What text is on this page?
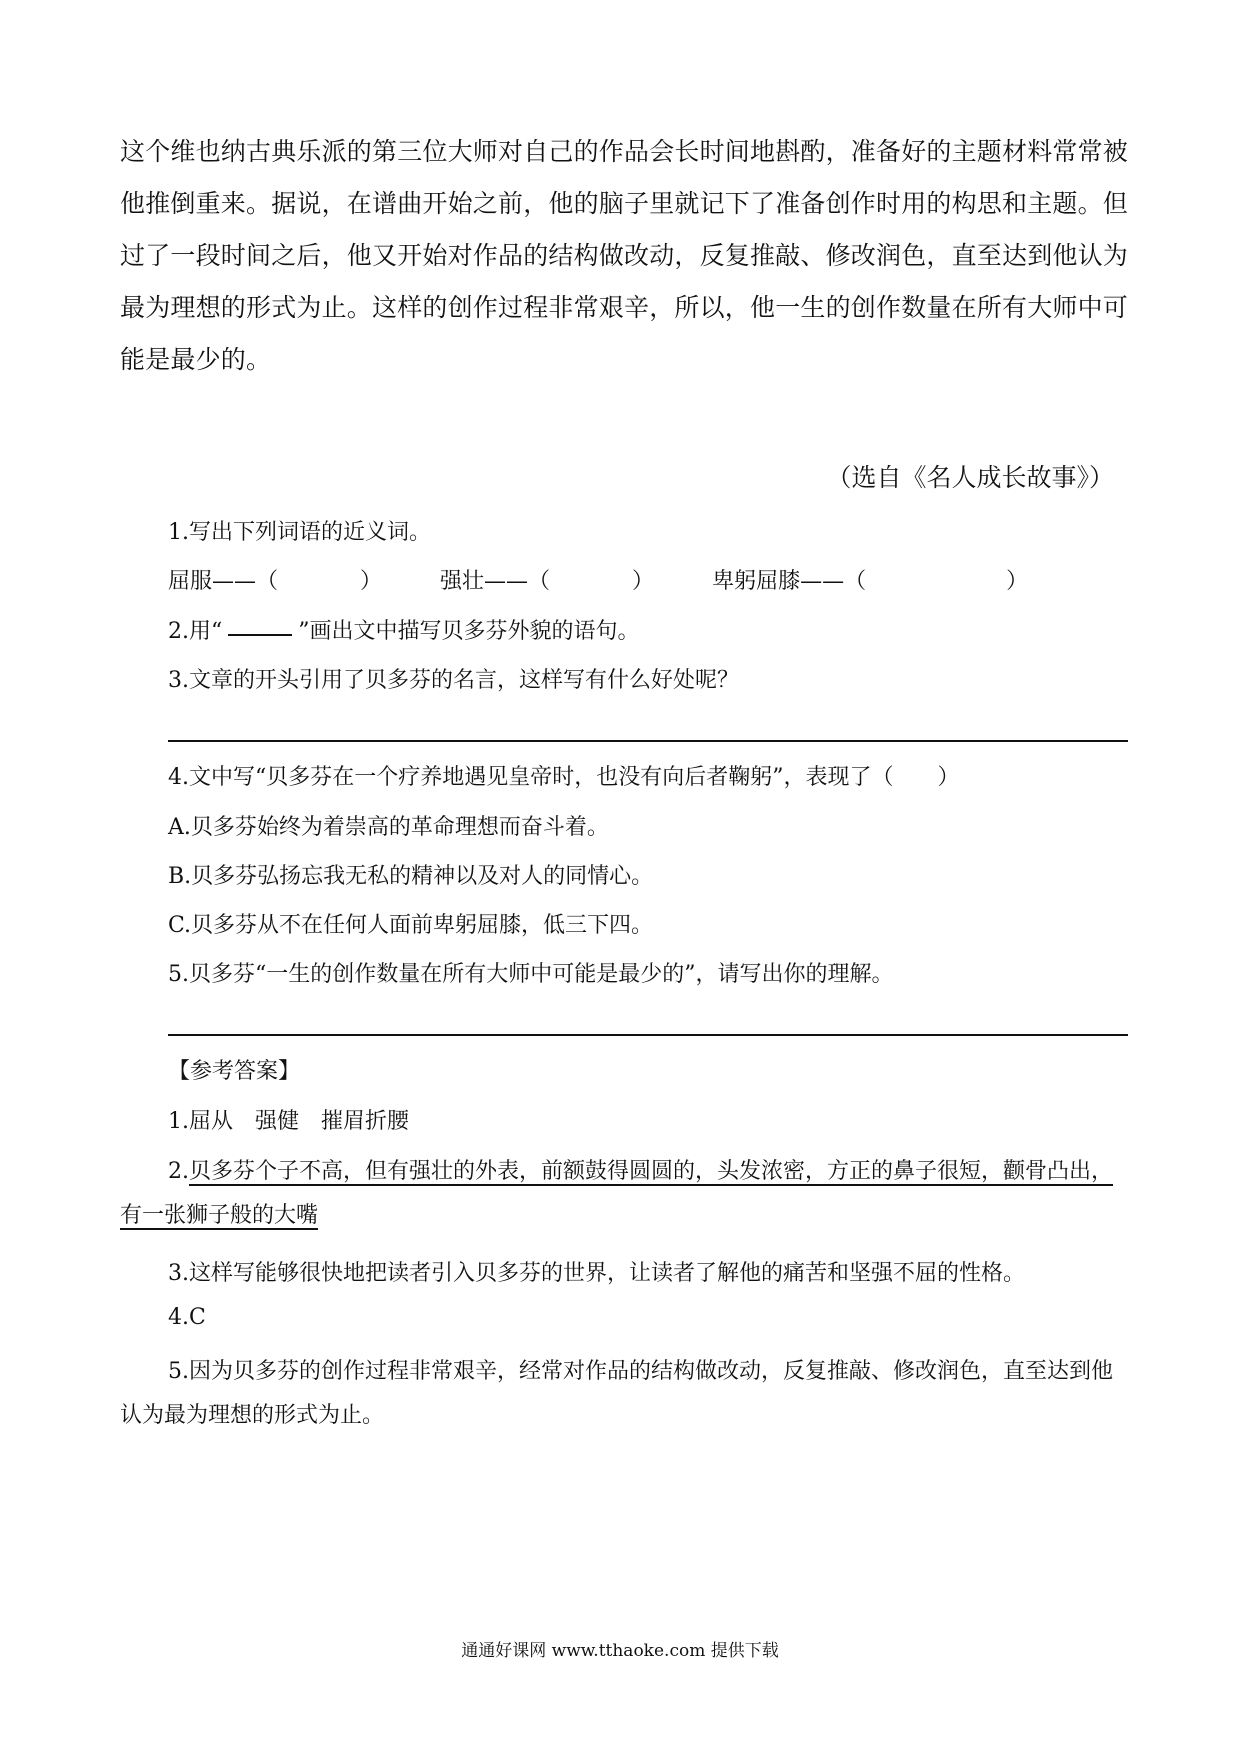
这个维也纳古典乐派的第三位大师对自己的作品会长时间地斟酌，准备好的主题材料常常被他推倒重来。据说，在谱曲开始之前，他的脑子里就记下了准备创作时用的构思和主题。但过了一段时间之后，他又开始对作品的结构做改动，反复推敲、修改润色，直至达到他认为最为理想的形式为止。这样的创作过程非常艰辛，所以，他一生的创作数量在所有大师中可能是最少的。

（选自《名人成长故事》）
1.写出下列词语的近义词。
屈服——（	）	强壮——（	）	卑躬屈膝——（	）
2.用“	”画出文中描写贝多芬外貌的语句。
3.文章的开头引用了贝多芬的名言，这样写有什么好处呢？
4.文中写“贝多芬在一个疗养地遇见皇帝时，也没有向后者鞠躬”，表现了（　　）
A.贝多芬始终为着崇高的革命理想而奋斗着。
B.贝多芬弘扬忘我无私的精神以及对人的同情心。
C.贝多芬从不在任何人面前卑躬屈膝，低三下四。
5.贝多芬“一生的创作数量在所有大师中可能是最少的”，请写出你的理解。
【参考答案】
1.屈从　强健　摧眉折腰
2.贝多芬个子不高，但有强壮的外表，前额鼓得圆圆的，头发浓密，方正的鼻子很短，颧骨凸出，有一张狮子般的大嘴
3.这样写能够很快地把读者引入贝多芬的世界，让读者了解他的痛苦和坚强不屈的性格。
4.C
5.因为贝多芬的创作过程非常艰辛，经常对作品的结构做改动，反复推敲、修改润色，直至达到他认为最为理想的形式为止。
通通好课网 www.tthaoke.com 提供下载
